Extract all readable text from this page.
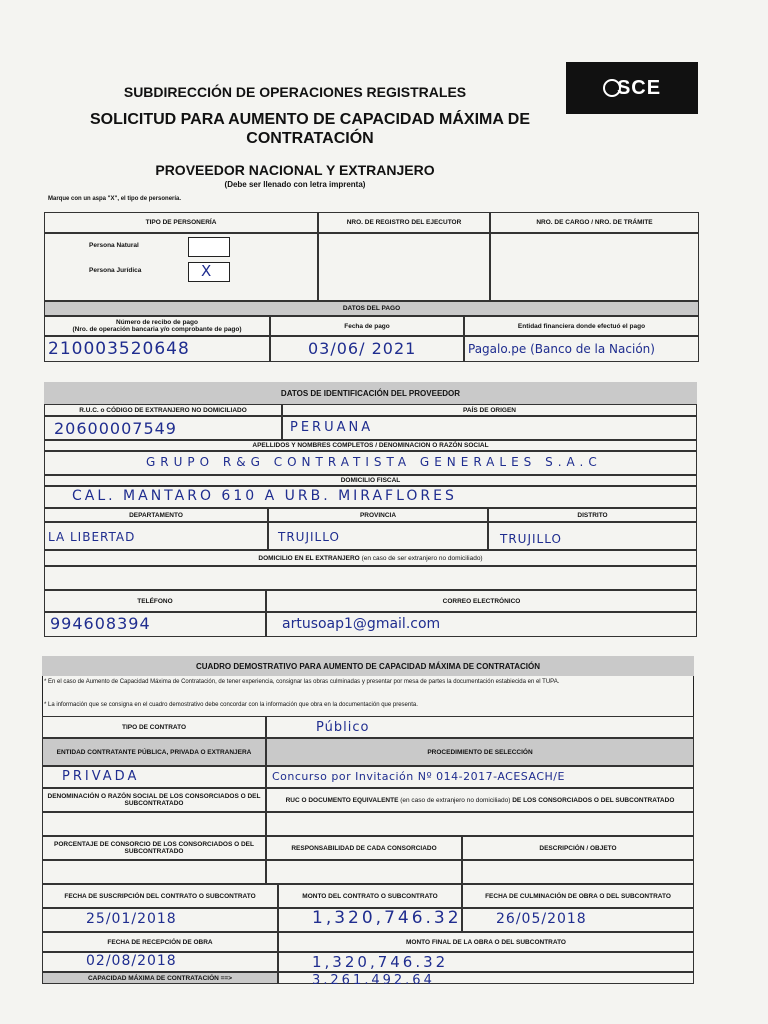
SUBDIRECCIÓN DE OPERACIONES REGISTRALES
SOLICITUD PARA AUMENTO DE CAPACIDAD MÁXIMA DE CONTRATACIÓN
PROVEEDOR NACIONAL Y EXTRANJERO
(Debe ser llenado con letra imprenta)
SCE
Marque con un aspa "X", el tipo de personería.
TIPO DE PERSONERÍA	NRO. DE REGISTRO DEL EJECUTOR	NRO. DE CARGO / NRO. DE TRÁMITE
Persona Natural
Persona Jurídica	X
DATOS DEL PAGO
Número de recibo de pago
(Nro. de operación bancaria y/o comprobante de pago)	Fecha de pago	Entidad financiera donde efectuó el pago
210003520648	03/06/ 2021	Pagalo.pe (Banco de la Nación)
DATOS DE IDENTIFICACIÓN DEL PROVEEDOR
R.U.C. o CÓDIGO DE EXTRANJERO NO DOMICILIADO	PAÍS DE ORIGEN
20600007549	PERUANA
APELLIDOS Y NOMBRES COMPLETOS / DENOMINACION O RAZÓN SOCIAL
GRUPO R&G CONTRATISTA GENERALES S.A.C
DOMICILIO FISCAL
CAL. MANTARO 610 A URB. MIRAFLORES
DEPARTAMENTO	PROVINCIA	DISTRITO
LA LIBERTAD	TRUJILLO	TRUJILLO
DOMICILIO EN EL EXTRANJERO
(en caso de ser extranjero no domiciliado)
TELÉFONO	CORREO ELECTRÓNICO
994608394	artusoap1@gmail.com
CUADRO DEMOSTRATIVO PARA AUMENTO DE CAPACIDAD MÁXIMA DE CONTRATACIÓN
* En el caso de Aumento de Capacidad Máxima de Contratación, de tener experiencia, consignar las obras culminadas y presentar por mesa de partes la documentación estabiecida en el TUPA.
* La información que se consigna en el cuadro demostrativo debe concordar con la información que obra en la documentación que presenta.
TIPO DE CONTRATO	Público
ENTIDAD CONTRATANTE PÚBLICA, PRIVADA O EXTRANJERA	PROCEDIMIENTO DE SELECCIÓN
PRIVADA	Concurso por Invitación Nº 014-2017-ACESACH/E
DENOMINACIÓN O RAZÓN SOCIAL DE LOS CONSORCIADOS O DEL SUBCONTRATADO	RUC O DOCUMENTO EQUIVALENTE (en caso de extranjero no domiciliado) DE LOS CONSORCIADOS O DEL SUBCONTRATADO
PORCENTAJE DE CONSORCIO DE LOS CONSORCIADOS O DEL SUBCONTRATADO	RESPONSABILIDAD DE CADA CONSORCIADO	DESCRIPCIÓN / OBJETO
FECHA DE SUSCRIPCIÓN DEL CONTRATO O SUBCONTRATO	MONTO DEL CONTRATO O SUBCONTRATO	FECHA DE CULMINACIÓN DE OBRA O DEL SUBCONTRATO
25/01/2018	1,320,746.32 26/05/2018
FECHA DE RECEPCIÓN DE OBRA	MONTO FINAL DE LA OBRA O DEL SUBCONTRATO
02/08/2018	1,320,746.32
CAPACIDAD MÁXIMA DE CONTRATACIÓN ==>	3,261,492.64
